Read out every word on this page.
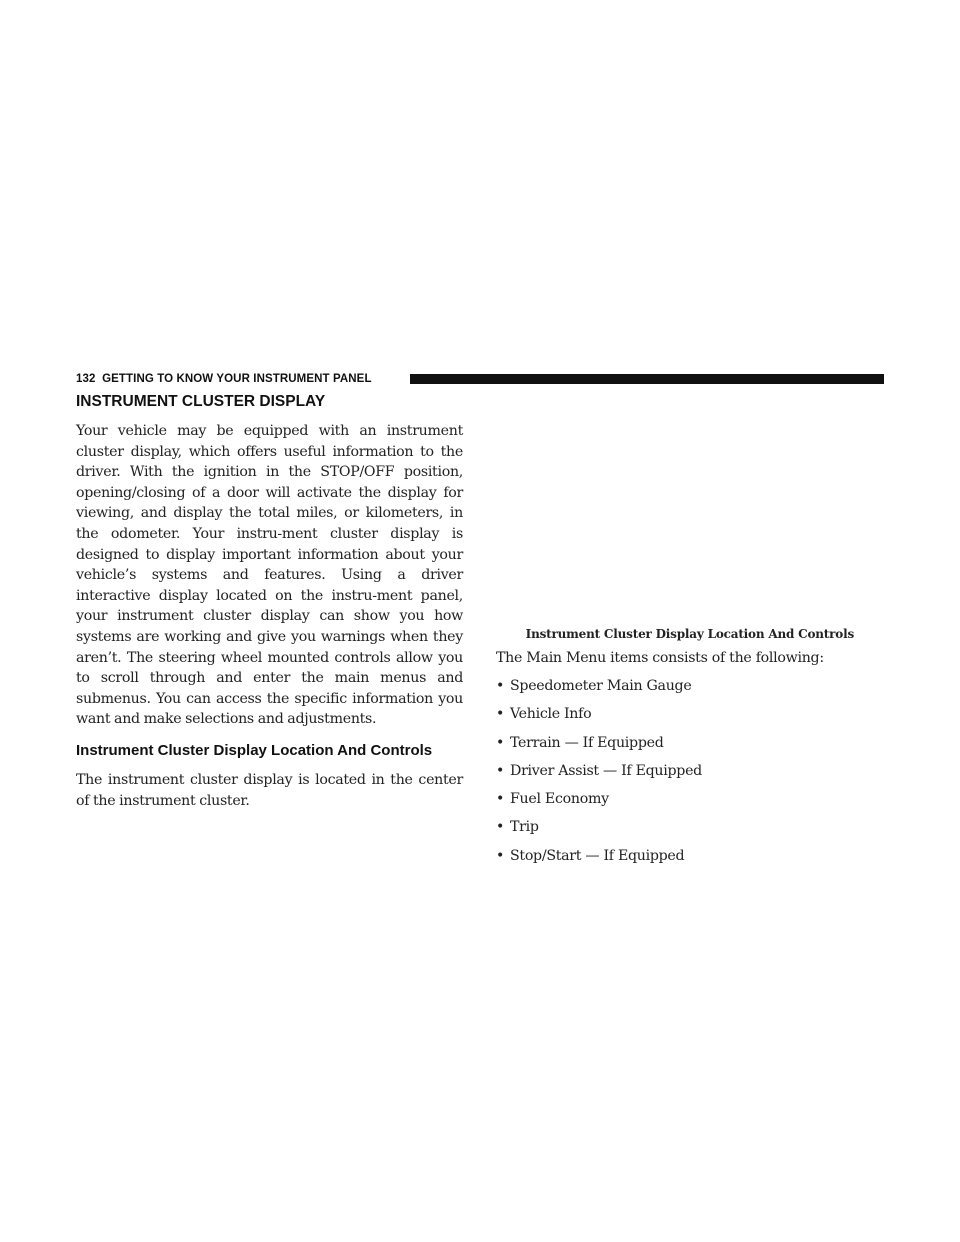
132 GETTING TO KNOW YOUR INSTRUMENT PANEL
INSTRUMENT CLUSTER DISPLAY

Your vehicle may be equipped with an instrument cluster display, which offers useful information to the driver. With the ignition in the STOP/OFF position, opening/closing of a door will activate the display for viewing, and display the total miles, or kilometers, in the odometer. Your instru-ment cluster display is designed to display important information about your vehicle’s systems and features. Using a driver interactive display located on the instru-ment panel, your instrument cluster display can show you how systems are working and give you warnings when they aren’t. The steering wheel mounted controls allow you to scroll through and enter the main menus and submenus. You can access the specific information you want and make selections and adjustments.

Instrument Cluster Display Location And Controls

The instrument cluster display is located in the center of the instrument cluster.

Instrument Cluster Display Location And Controls

The Main Menu items consists of the following:

• Speedometer Main Gauge
• Vehicle Info
• Terrain — If Equipped
• Driver Assist — If Equipped
• Fuel Economy
• Trip
• Stop/Start — If Equipped
